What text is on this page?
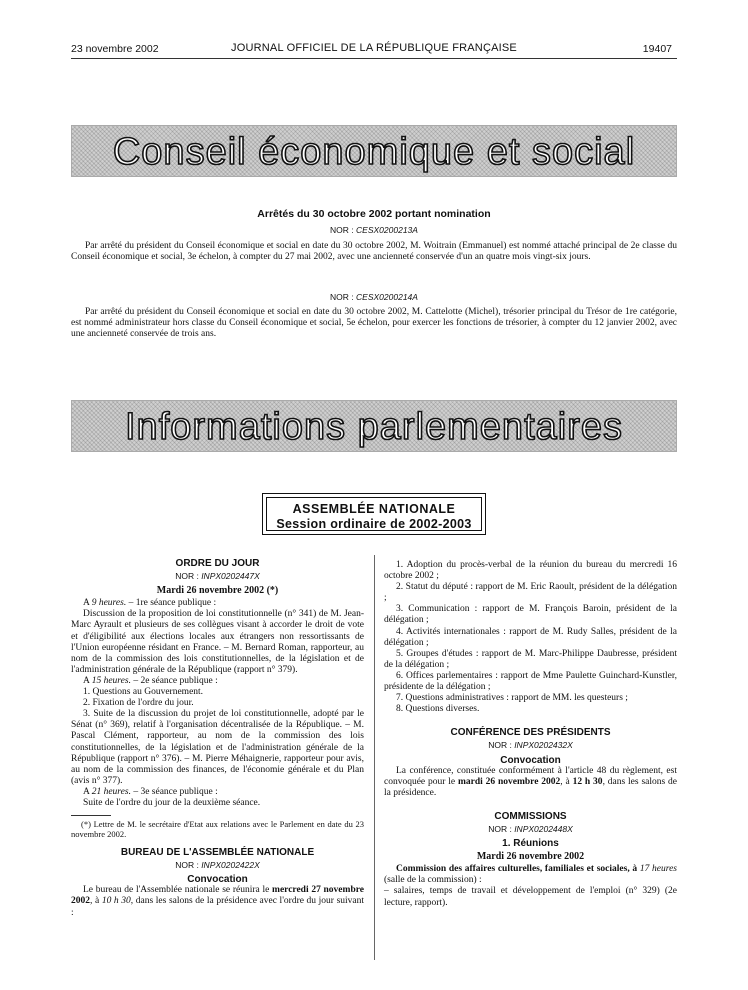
23 novembre 2002	JOURNAL OFFICIEL DE LA RÉPUBLIQUE FRANÇAISE	19407
Conseil économique et social
Arrêtés du 30 octobre 2002 portant nomination
NOR : CESX0200213A
Par arrêté du président du Conseil économique et social en date du 30 octobre 2002, M. Woitrain (Emmanuel) est nommé attaché principal de 2e classe du Conseil économique et social, 3e échelon, à compter du 27 mai 2002, avec une ancienneté conservée d'un an quatre mois vingt-six jours.
NOR : CESX0200214A
Par arrêté du président du Conseil économique et social en date du 30 octobre 2002, M. Cattelotte (Michel), trésorier principal du Trésor de 1re catégorie, est nommé administrateur hors classe du Conseil économique et social, 5e échelon, pour exercer les fonctions de trésorier, à compter du 12 janvier 2002, avec une ancienneté conservée de trois ans.
Informations parlementaires
ASSEMBLÉE NATIONALE
Session ordinaire de 2002-2003
ORDRE DU JOUR
NOR : INPX0202447X
Mardi 26 novembre 2002 (*)

A 9 heures. – 1re séance publique :

Discussion de la proposition de loi constitutionnelle (n° 341) de M. Jean-Marc Ayrault et plusieurs de ses collègues visant à accorder le droit de vote et d'éligibilité aux élections locales aux étrangers non ressortissants de l'Union européenne résidant en France. – M. Bernard Roman, rapporteur, au nom de la commission des lois constitutionnelles, de la législation et de l'administration générale de la République (rapport n° 379).

A 15 heures. – 2e séance publique :

1. Questions au Gouvernement.

2. Fixation de l'ordre du jour.

3. Suite de la discussion du projet de loi constitutionnelle, adopté par le Sénat (n° 369), relatif à l'organisation décentralisée de la République. – M. Pascal Clément, rapporteur, au nom de la commission des lois constitutionnelles, de la législation et de l'administration générale de la République (rapport n° 376). – M. Pierre Méhaignerie, rapporteur pour avis, au nom de la commission des finances, de l'économie générale et du Plan (avis n° 377).

A 21 heures. – 3e séance publique :

Suite de l'ordre du jour de la deuxième séance.

(*) Lettre de M. le secrétaire d'Etat aux relations avec le Parlement en date du 23 novembre 2002.

BUREAU DE L'ASSEMBLÉE NATIONALE
NOR : INPX0202422X
Convocation

Le bureau de l'Assemblée nationale se réunira le mercredi 27 novembre 2002, à 10 h 30, dans les salons de la présidence avec l'ordre du jour suivant :

1. Adoption du procès-verbal de la réunion du bureau du mercredi 16 octobre 2002 ;

2. Statut du député : rapport de M. Eric Raoult, président de la délégation ;

3. Communication : rapport de M. François Baroin, président de la délégation ;

4. Activités internationales : rapport de M. Rudy Salles, président de la délégation ;

5. Groupes d'études : rapport de M. Marc-Philippe Daubresse, président de la délégation ;

6. Offices parlementaires : rapport de Mme Paulette Guinchard-Kunstler, présidente de la délégation ;

7. Questions administratives : rapport de MM. les questeurs ;

8. Questions diverses.

CONFÉRENCE DES PRÉSIDENTS
NOR : INPX0202432X
Convocation

La conférence, constituée conformément à l'article 48 du règlement, est convoquée pour le mardi 26 novembre 2002, à 12 h 30, dans les salons de la présidence.

COMMISSIONS
NOR : INPX0202448X
1. Réunions
Mardi 26 novembre 2002

Commission des affaires culturelles, familiales et sociales, à 17 heures (salle de la commission) :

– salaires, temps de travail et développement de l'emploi (n° 329) (2e lecture, rapport).
